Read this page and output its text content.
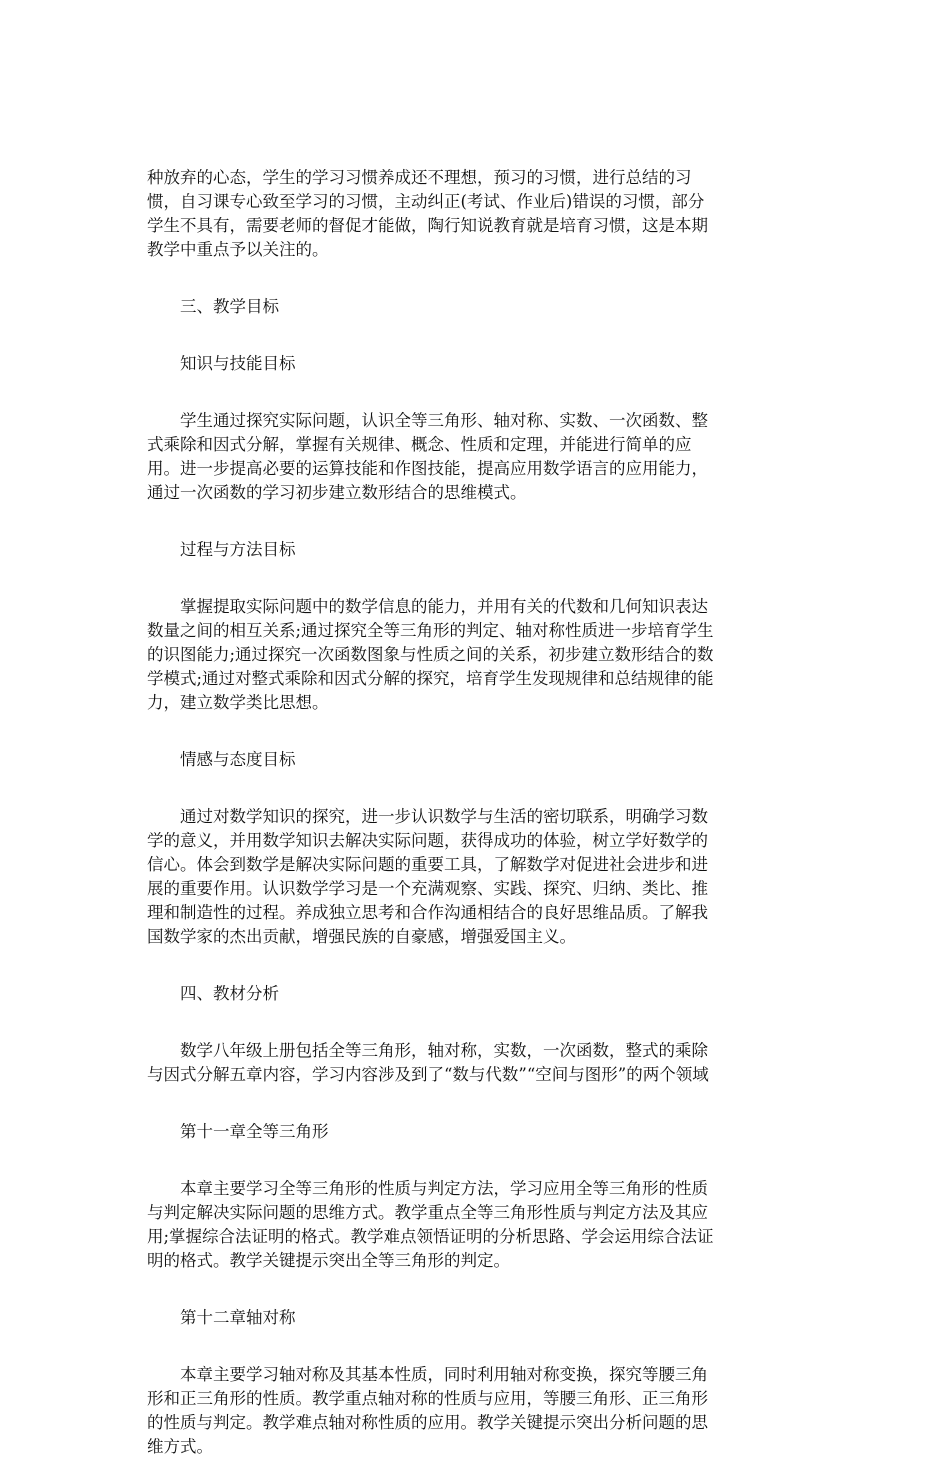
种放弃的心态，学生的学习习惯养成还不理想，预习的习惯，进行总结的习
惯，自习课专心致至学习的习惯，主动纠正(考试、作业后)错误的习惯，部分
学生不具有，需要老师的督促才能做，陶行知说教育就是培育习惯，这是本期
教学中重点予以关注的。

三、教学目标

知识与技能目标

学生通过探究实际问题，认识全等三角形、轴对称、实数、一次函数、整
式乘除和因式分解，掌握有关规律、概念、性质和定理，并能进行简单的应
用。进一步提高必要的运算技能和作图技能，提高应用数学语言的应用能力，
通过一次函数的学习初步建立数形结合的思维模式。

过程与方法目标

掌握提取实际问题中的数学信息的能力，并用有关的代数和几何知识表达
数量之间的相互关系;通过探究全等三角形的判定、轴对称性质进一步培育学生
的识图能力;通过探究一次函数图象与性质之间的关系，初步建立数形结合的数
学模式;通过对整式乘除和因式分解的探究，培育学生发现规律和总结规律的能
力，建立数学类比思想。

情感与态度目标

通过对数学知识的探究，进一步认识数学与生活的密切联系，明确学习数
学的意义，并用数学知识去解决实际问题，获得成功的体验，树立学好数学的
信心。体会到数学是解决实际问题的重要工具，了解数学对促进社会进步和进
展的重要作用。认识数学学习是一个充满观察、实践、探究、归纳、类比、推
理和制造性的过程。养成独立思考和合作沟通相结合的良好思维品质。了解我
国数学家的杰出贡献，增强民族的自豪感，增强爱国主义。

四、教材分析

数学八年级上册包括全等三角形，轴对称，实数，一次函数，整式的乘除
与因式分解五章内容，学习内容涉及到了“数与代数”“空间与图形”的两个领域

第十一章全等三角形

本章主要学习全等三角形的性质与判定方法，学习应用全等三角形的性质
与判定解决实际问题的思维方式。教学重点全等三角形性质与判定方法及其应
用;掌握综合法证明的格式。教学难点领悟证明的分析思路、学会运用综合法证
明的格式。教学关键提示突出全等三角形的判定。

第十二章轴对称

本章主要学习轴对称及其基本性质，同时利用轴对称变换，探究等腰三角
形和正三角形的性质。教学重点轴对称的性质与应用，等腰三角形、正三角形
的性质与判定。教学难点轴对称性质的应用。教学关键提示突出分析问题的思
维方式。
